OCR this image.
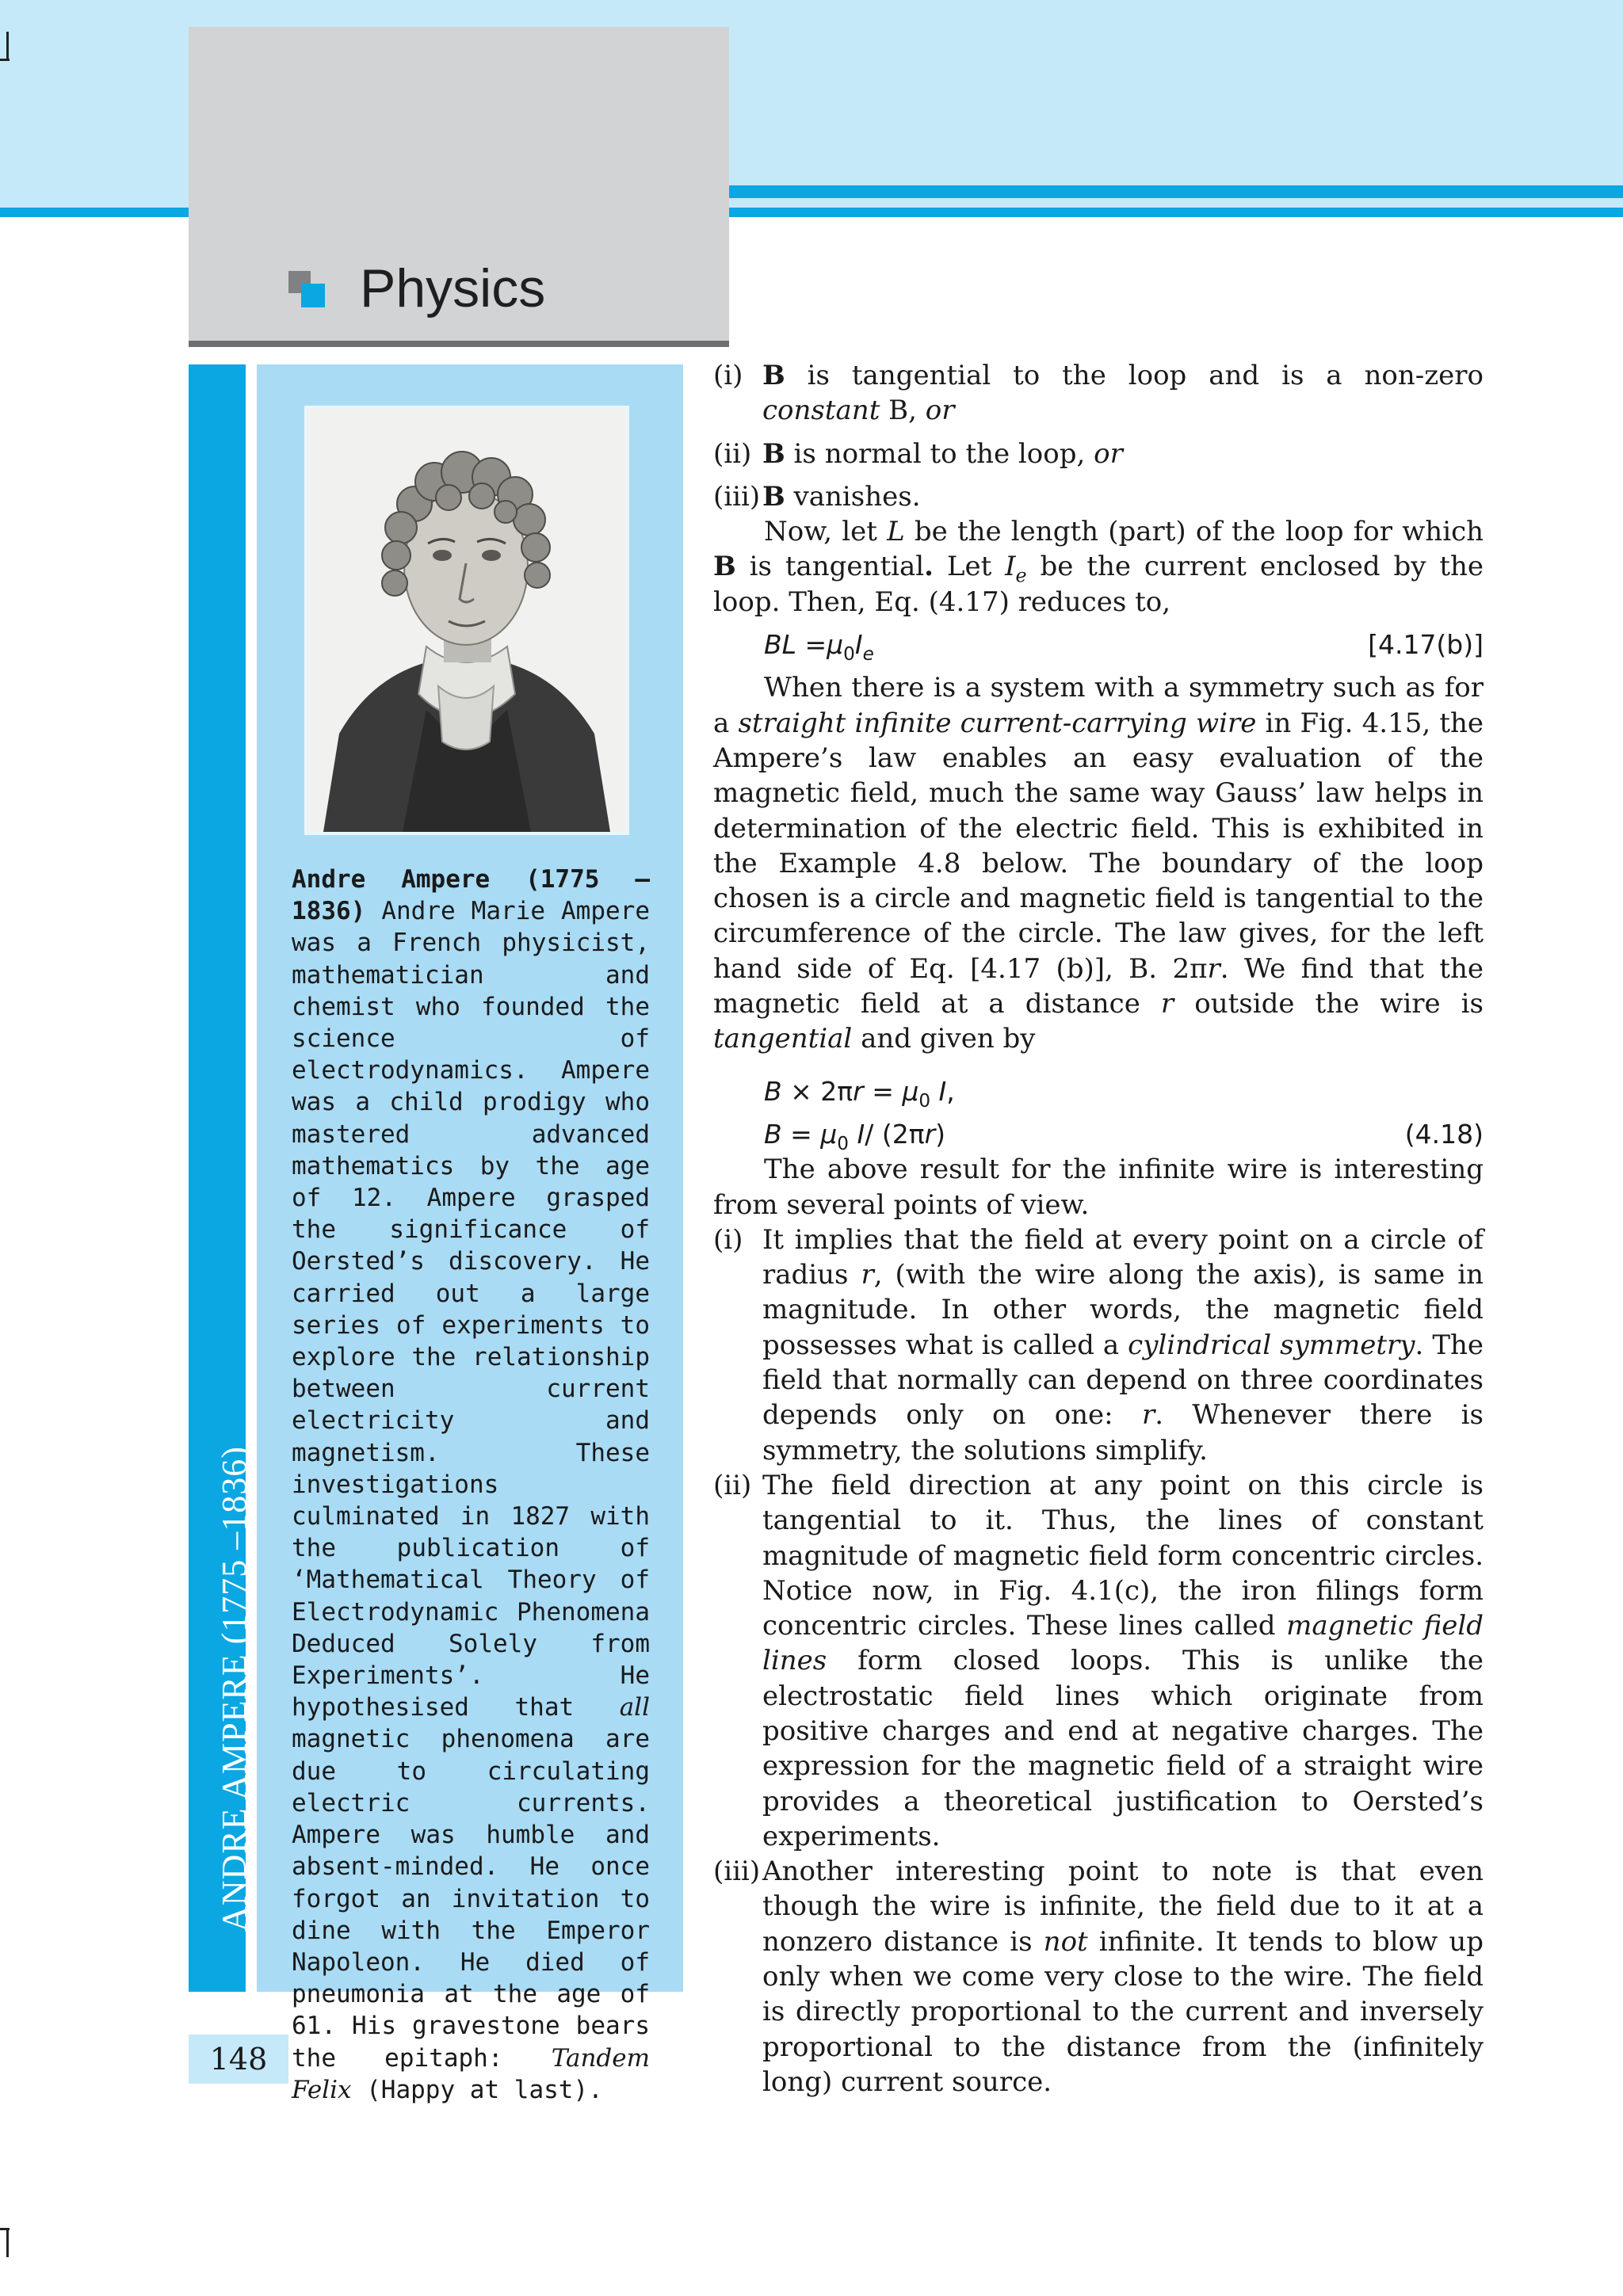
Physics
ANDRE AMPERE (1775 –1836)
Andre Ampere (1775 – 1836) Andre Marie Ampere was a French physicist, mathematician and chemist who founded the science of electrodynamics. Ampere was a child prodigy who mastered advanced mathematics by the age of 12. Ampere grasped the significance of Oersted’s discovery. He carried out a large series of experiments to explore the relationship between current electricity and magnetism. These investigations culminated in 1827 with the publication of ‘Mathematical Theory of Electrodynamic Phenomena Deduced Solely from Experiments’. He hypothesised that all magnetic phenomena are due to circulating electric currents. Ampere was humble and absent-minded. He once forgot an invitation to dine with the Emperor Napoleon. He died of pneumonia at the age of 61. His gravestone bears the epitaph: Tandem Felix (Happy at last).
148

(i) B is tangential to the loop and is a non-zero constant B, or

(ii) B is normal to the loop, or

(iii) B vanishes.

Now, let L be the length (part) of the loop for which B is tangential. Let $I_e$ be the current enclosed by the loop. Then, Eq. (4.17) reduces to,

BL $=\mu_0I_e$	[4.17(b)]

When there is a system with a symmetry such as for a straight infinite current-carrying wire in Fig. 4.15, the Ampere’s law enables an easy evaluation of the magnetic field, much the same way Gauss’ law helps in determination of the electric field. This is exhibited in the Example 4.8 below. The boundary of the loop chosen is a circle and magnetic field is tangential to the circumference of the circle. The law gives, for the left hand side of Eq. [4.17 (b)], B. 2πr. We find that the magnetic field at a distance r outside the wire is tangential and given by

$B \times 2\pi r = \mu_0$ I,

$B = \mu_0$ I/ (2πr)	(4.18)

The above result for the infinite wire is interesting from several points of view.

(i) It implies that the field at every point on a circle of radius r, (with the wire along the axis), is same in magnitude. In other words, the magnetic field possesses what is called a cylindrical symmetry. The field that normally can depend on three coordinates depends only on one: r. Whenever there is symmetry, the solutions simplify.

(ii) The field direction at any point on this circle is tangential to it. Thus, the lines of constant magnitude of magnetic field form concentric circles. Notice now, in Fig. 4.1(c), the iron filings form concentric circles. These lines called magnetic field lines form closed loops. This is unlike the electrostatic field lines which originate from positive charges and end at negative charges. The expression for the magnetic field of a straight wire provides a theoretical justification to Oersted’s experiments.

(iii) Another interesting point to note is that even though the wire is infinite, the field due to it at a nonzero distance is not infinite. It tends to blow up only when we come very close to the wire. The field is directly proportional to the current and inversely proportional to the distance from the (infinitely long) current source.
